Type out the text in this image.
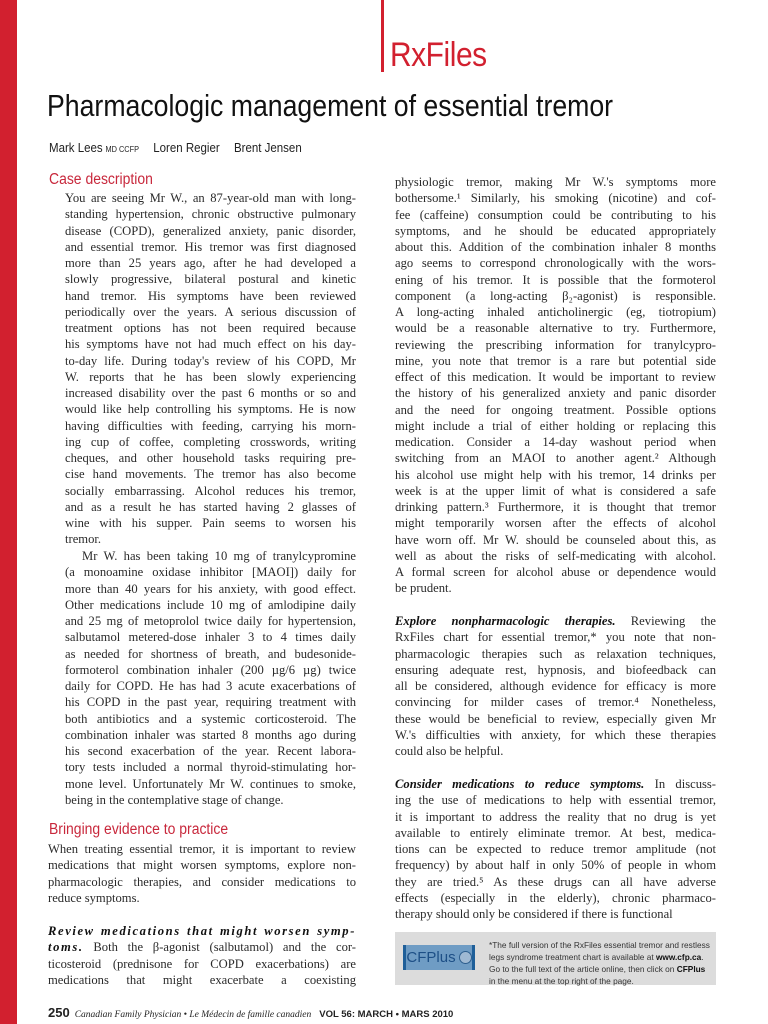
RxFiles
Pharmacologic management of essential tremor
Mark Lees MD CCFP Loren Regier Brent Jensen
Case description
You are seeing Mr W., an 87-year-old man with long-
standing hypertension, chronic obstructive pulmonary
disease (COPD), generalized anxiety, panic disorder,
and essential tremor. His tremor was first diagnosed
more than 25 years ago, after he had developed a
slowly progressive, bilateral postural and kinetic
hand tremor. His symptoms have been reviewed
periodically over the years. A serious discussion of
treatment options has not been required because
his symptoms have not had much effect on his day-
to-day life. During today's review of his COPD, Mr
W. reports that he has been slowly experiencing
increased disability over the past 6 months or so and
would like help controlling his symptoms. He is now
having difficulties with feeding, carrying his morn-
ing cup of coffee, completing crosswords, writing
cheques, and other household tasks requiring pre-
cise hand movements. The tremor has also become
socially embarrassing. Alcohol reduces his tremor,
and as a result he has started having 2 glasses of
wine with his supper. Pain seems to worsen his
tremor.
Mr W. has been taking 10 mg of tranylcypromine
(a monoamine oxidase inhibitor [MAOI]) daily for
more than 40 years for his anxiety, with good effect.
Other medications include 10 mg of amlodipine daily
and 25 mg of metoprolol twice daily for hypertension,
salbutamol metered-dose inhaler 3 to 4 times daily
as needed for shortness of breath, and budesonide-
formoterol combination inhaler (200 µg/6 µg) twice
daily for COPD. He has had 3 acute exacerbations of
his COPD in the past year, requiring treatment with
both antibiotics and a systemic corticosteroid. The
combination inhaler was started 8 months ago during
his second exacerbation of the year. Recent labora-
tory tests included a normal thyroid-stimulating hor-
mone level. Unfortunately Mr W. continues to smoke,
being in the contemplative stage of change.
Bringing evidence to practice
When treating essential tremor, it is important to review
medications that might worsen symptoms, explore non-
pharmacologic therapies, and consider medications to
reduce symptoms.
Review medications that might worsen symp-
toms. Both the β-agonist (salbutamol) and the cor-
ticosteroid (prednisone for COPD exacerbations) are
medications that might exacerbate a coexisting
physiologic tremor, making Mr W.'s symptoms more
bothersome.¹ Similarly, his smoking (nicotine) and cof-
fee (caffeine) consumption could be contributing to his
symptoms, and he should be educated appropriately
about this. Addition of the combination inhaler 8 months
ago seems to correspond chronologically with the wors-
ening of his tremor. It is possible that the formoterol
component (a long-acting β₂-agonist) is responsible.
A long-acting inhaled anticholinergic (eg, tiotropium)
would be a reasonable alternative to try. Furthermore,
reviewing the prescribing information for tranylcypro-
mine, you note that tremor is a rare but potential side
effect of this medication. It would be important to review
the history of his generalized anxiety and panic disorder
and the need for ongoing treatment. Possible options
might include a trial of either holding or replacing this
medication. Consider a 14-day washout period when
switching from an MAOI to another agent.² Although
his alcohol use might help with his tremor, 14 drinks per
week is at the upper limit of what is considered a safe
drinking pattern.³ Furthermore, it is thought that tremor
might temporarily worsen after the effects of alcohol
have worn off. Mr W. should be counseled about this, as
well as about the risks of self-medicating with alcohol.
A formal screen for alcohol abuse or dependence would
be prudent.
Explore nonpharmacologic therapies. Reviewing the
RxFiles chart for essential tremor,* you note that non-
pharmacologic therapies such as relaxation techniques,
ensuring adequate rest, hypnosis, and biofeedback can
all be considered, although evidence for efficacy is more
convincing for milder cases of tremor.⁴ Nonetheless,
these would be beneficial to review, especially given Mr
W.'s difficulties with anxiety, for which these therapies
could also be helpful.
Consider medications to reduce symptoms. In discuss-
ing the use of medications to help with essential tremor,
it is important to address the reality that no drug is yet
available to entirely eliminate tremor. At best, medica-
tions can be expected to reduce tremor amplitude (not
frequency) by about half in only 50% of people in whom
they are tried.⁵ As these drugs can all have adverse
effects (especially in the elderly), chronic pharmaco-
therapy should only be considered if there is functional
CFPlus
*The full version of the RxFiles essential tremor and restless legs syndrome treatment chart is available at www.cfp.ca. Go to the full text of the article online, then click on CFPlus in the menu at the top right of the page.
250 Canadian Family Physician • Le Médecin de famille canadien VOL 56: MARCH • MARS 2010
